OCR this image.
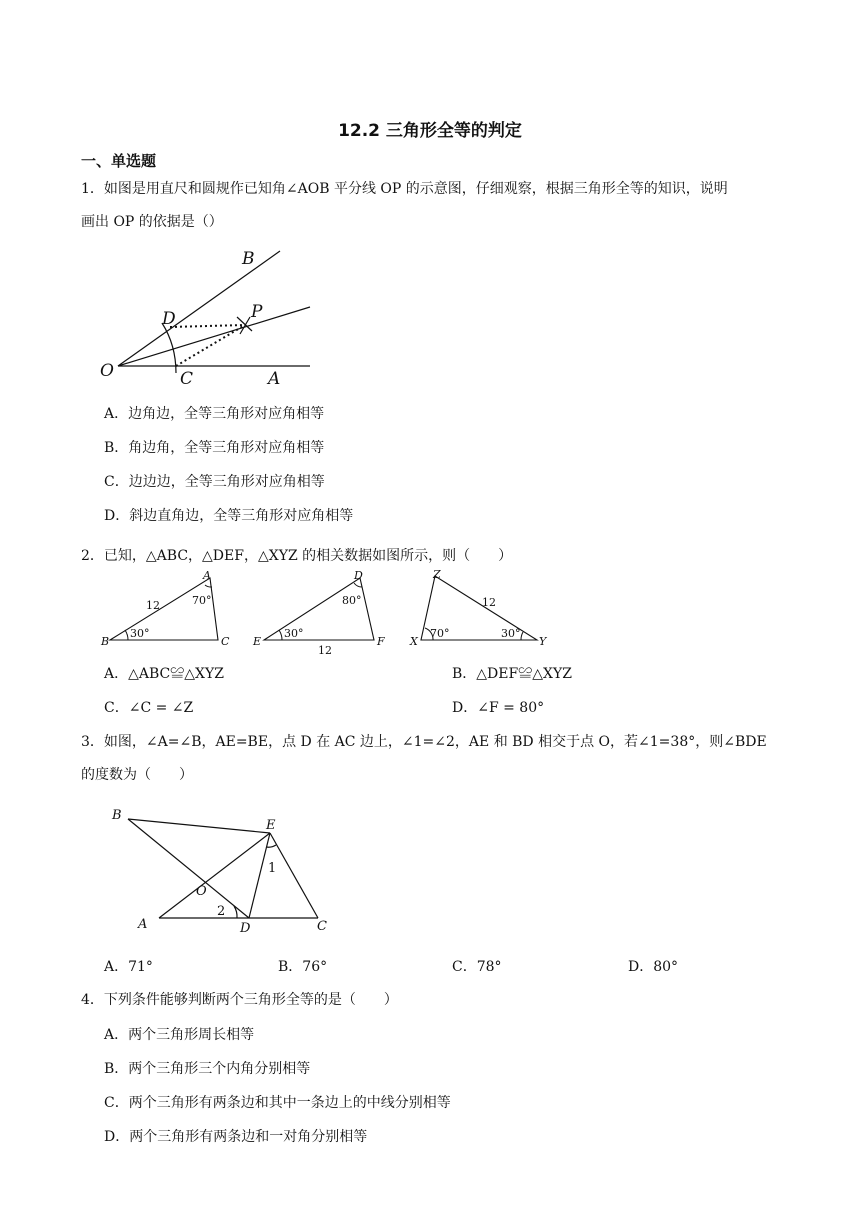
12.2 三角形全等的判定
一、单选题
1．如图是用直尺和圆规作已知角∠AOB 平分线 OP 的示意图，仔细观察，根据三角形全等的知识，说明
画出 OP 的依据是（）
B
D	P
O	C	A
A．边角边，全等三角形对应角相等
B．角边角，全等三角形对应角相等
C．边边边，全等三角形对应角相等
D．斜边直角边，全等三角形对应角相等
2．已知，△ABC，△DEF，△XYZ 的相关数据如图所示，则（　　）
A
B	C
12	70°
30°
D
E	F
12
80°
30°
Z
X	Y
12
70°	30°
A．△ABC≌△XYZ	B．△DEF≌△XYZ
C．∠C = ∠Z	D．∠F = 80°
3．如图，∠A=∠B，AE=BE，点 D 在 AC 边上，∠1=∠2，AE 和 BD 相交于点 O，若∠1=38°，则∠BDE
的度数为（　　）
B
E
O
1
2
A	D	C
A．71°	B．76°	C．78°	D．80°
4．下列条件能够判断两个三角形全等的是（　　）
A．两个三角形周长相等
B．两个三角形三个内角分别相等
C．两个三角形有两条边和其中一条边上的中线分别相等
D．两个三角形有两条边和一对角分别相等
